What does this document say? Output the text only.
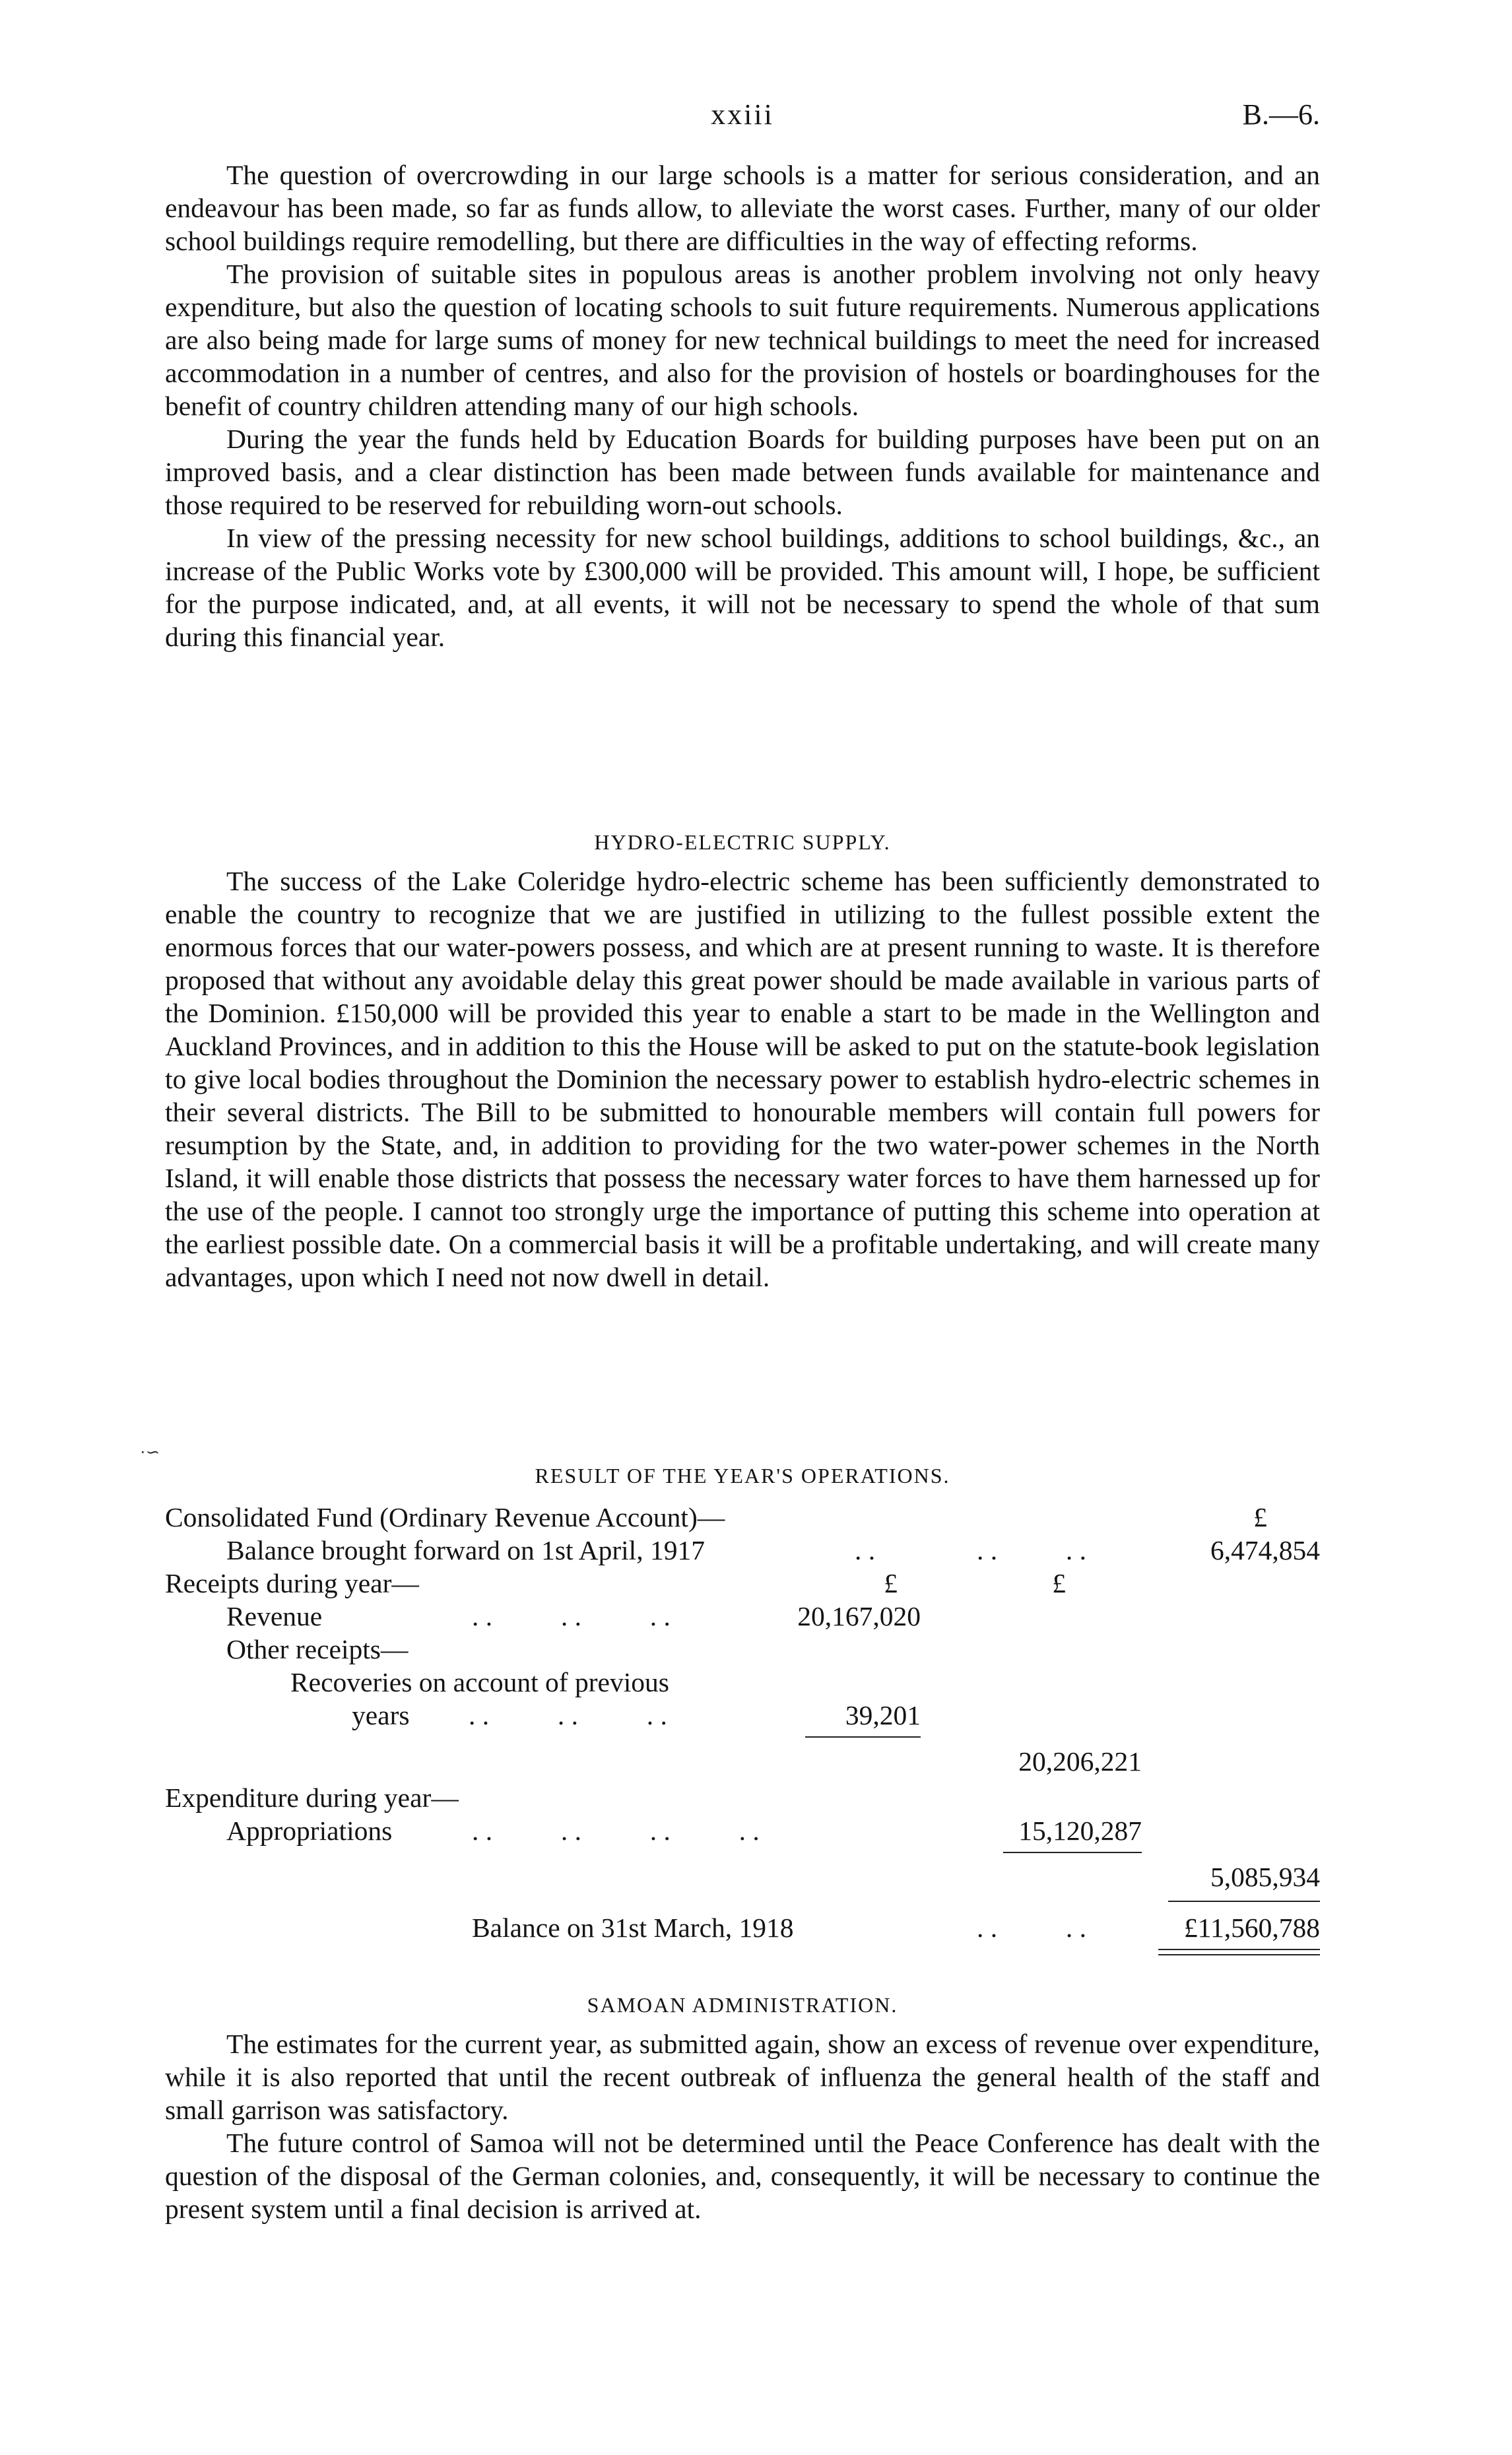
xxiii	B.—6.

The question of overcrowding in our large schools is a matter for serious consideration, and an endeavour has been made, so far as funds allow, to alleviate the worst cases. Further, many of our older school buildings require remodelling, but there are difficulties in the way of effecting reforms.

The provision of suitable sites in populous areas is another problem involving not only heavy expenditure, but also the question of locating schools to suit future requirements. Numerous applications are also being made for large sums of money for new technical buildings to meet the need for increased accommodation in a number of centres, and also for the provision of hostels or boardinghouses for the benefit of country children attending many of our high schools.

During the year the funds held by Education Boards for building purposes have been put on an improved basis, and a clear distinction has been made between funds available for maintenance and those required to be reserved for rebuilding worn-out schools.

In view of the pressing necessity for new school buildings, additions to school buildings, &c., an increase of the Public Works vote by £300,000 will be provided. This amount will, I hope, be sufficient for the purpose indicated, and, at all events, it will not be necessary to spend the whole of that sum during this financial year.

HYDRO-ELECTRIC SUPPLY.

The success of the Lake Coleridge hydro-electric scheme has been sufficiently demonstrated to enable the country to recognize that we are justified in utilizing to the fullest possible extent the enormous forces that our water-powers possess, and which are at present running to waste. It is therefore proposed that without any avoidable delay this great power should be made available in various parts of the Dominion. £150,000 will be provided this year to enable a start to be made in the Wellington and Auckland Provinces, and in addition to this the House will be asked to put on the statute-book legislation to give local bodies throughout the Dominion the necessary power to establish hydro-electric schemes in their several districts. The Bill to be submitted to honourable members will contain full powers for resumption by the State, and, in addition to providing for the two water-power schemes in the North Island, it will enable those districts that possess the necessary water forces to have them harnessed up for the use of the people. I cannot too strongly urge the importance of putting this scheme into operation at the earliest possible date. On a commercial basis it will be a profitable undertaking, and will create many advantages, upon which I need not now dwell in detail.

·∽
RESULT OF THE YEAR'S OPERATIONS.
Consolidated Fund (Ordinary Revenue Account)—	£
Balance brought forward on 1st April, 1917	. .	. .          . .	6,474,854
Receipts during year—	£	£
Revenue	. .          . .          . .	20,167,020
Other receipts—
Recoveries on account of previous
years . .          . .          . .	39,201
20,206,221
Expenditure during year—
Appropriations	. .          . .          . .          . .	15,120,287
5,085,934
Balance on 31st March, 1918	. .          . .	£11,560,788
SAMOAN ADMINISTRATION.

The estimates for the current year, as submitted again, show an excess of revenue over expenditure, while it is also reported that until the recent outbreak of influenza the general health of the staff and small garrison was satisfactory.

The future control of Samoa will not be determined until the Peace Conference has dealt with the question of the disposal of the German colonies, and, consequently, it will be necessary to continue the present system until a final decision is arrived at.
